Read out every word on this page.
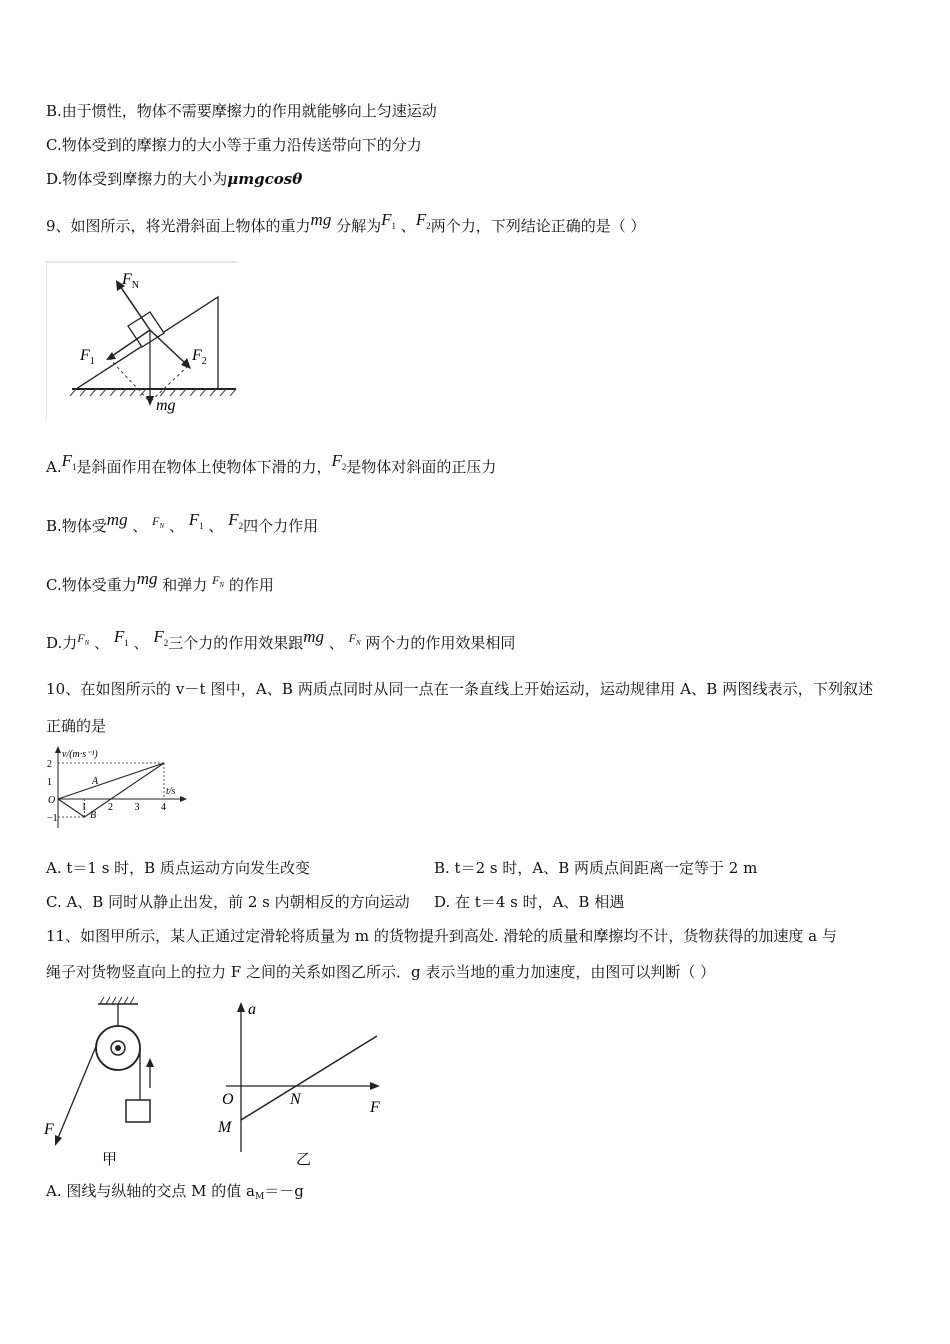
B.由于惯性，物体不需要摩擦力的作用就能够向上匀速运动
C.物体受到的摩擦力的大小等于重力沿传送带向下的分力
D.物体受到摩擦力的大小为μmgcosθ
9、如图所示，将光滑斜面上物体的重力mg 分解为$F_1$ 、$F_2$两个力，下列结论正确的是（ ）
$F_N$
$F_1$	$F_2$
mg
$A.F_1$是斜面作用在物体上使物体下滑的力，$F_2$是物体对斜面的正压力
B.物体受mg 、 $^{F_N}$ 、 $F_1$ 、 $F_2$四个力作用
C.物体受重力mg 和弹力 $^{F_N}$ 的作用
D.力$^{F_N}$ 、 $F_1$ 、 $F_2$三个力的作用效果跟mg 、 $^{F_N}$ 两个力的作用效果相同
10、在如图所示的 v－t 图中，A、B 两质点同时从同一点在一条直线上开始运动，运动规律用 A、B 两图线表示，下列叙述
正确的是
v/(m·s⁻¹)
t/s
2
1
O
−1
1 2 3 4
A
B
A. t＝1 s 时，B 质点运动方向发生改变	B. t＝2 s 时，A、B 两质点间距离一定等于 2 m
C. A、B 同时从静止出发，前 2 s 内朝相反的方向运动 D. 在 t＝4 s 时，A、B 相遇
11、如图甲所示，某人正通过定滑轮将质量为 m 的货物提升到高处. 滑轮的质量和摩擦均不计，货物获得的加速度 a 与
绳子对货物竖直向上的拉力 F 之间的关系如图乙所示．g 表示当地的重力加速度，由图可以判断（ ）
F
甲
a
O	N	F
M
乙
A. 图线与纵轴的交点 M 的值 $a_M=-g$
